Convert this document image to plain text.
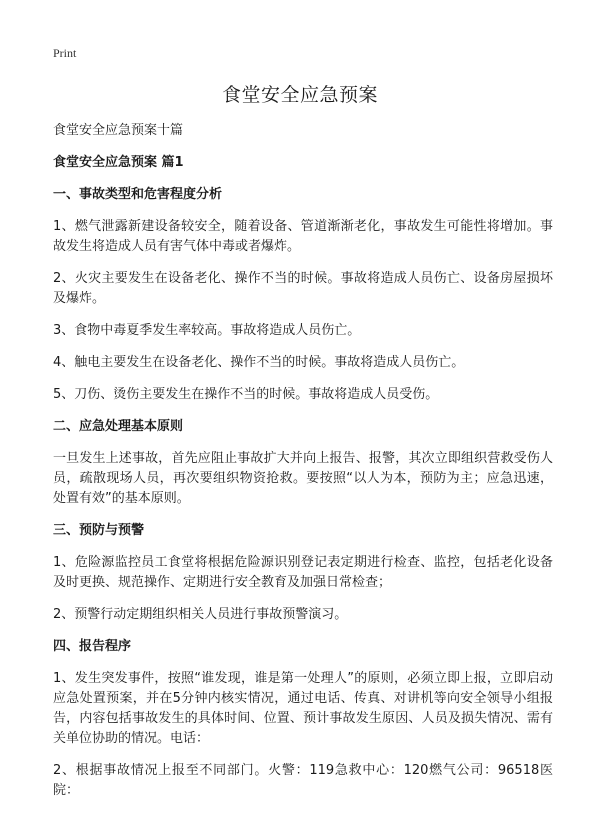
Print
食堂安全应急预案
食堂安全应急预案十篇
食堂安全应急预案 篇1
一、事故类型和危害程度分析
1、燃气泄露新建设备较安全，随着设备、管道渐渐老化，事故发生可能性将增加。事故发生将造成人员有害气体中毒或者爆炸。
2、火灾主要发生在设备老化、操作不当的时候。事故将造成人员伤亡、设备房屋损坏及爆炸。
3、食物中毒夏季发生率较高。事故将造成人员伤亡。
4、触电主要发生在设备老化、操作不当的时候。事故将造成人员伤亡。
5、刀伤、烫伤主要发生在操作不当的时候。事故将造成人员受伤。
二、应急处理基本原则
一旦发生上述事故，首先应阻止事故扩大并向上报告、报警，其次立即组织营救受伤人员，疏散现场人员，再次要组织物资抢救。要按照“以人为本，预防为主；应急迅速，处置有效”的基本原则。
三、预防与预警
1、危险源监控员工食堂将根据危险源识别登记表定期进行检查、监控，包括老化设备及时更换、规范操作、定期进行安全教育及加强日常检查；
2、预警行动定期组织相关人员进行事故预警演习。
四、报告程序
1、发生突发事件，按照“谁发现，谁是第一处理人”的原则，必须立即上报，立即启动应急处置预案，并在5分钟内核实情况，通过电话、传真、对讲机等向安全领导小组报告，内容包括事故发生的具体时间、位置、预计事故发生原因、人员及损失情况、需有关单位协助的情况。电话：
2、根据事故情况上报至不同部门。火警：119急救中心：120燃气公司：96518医院：
